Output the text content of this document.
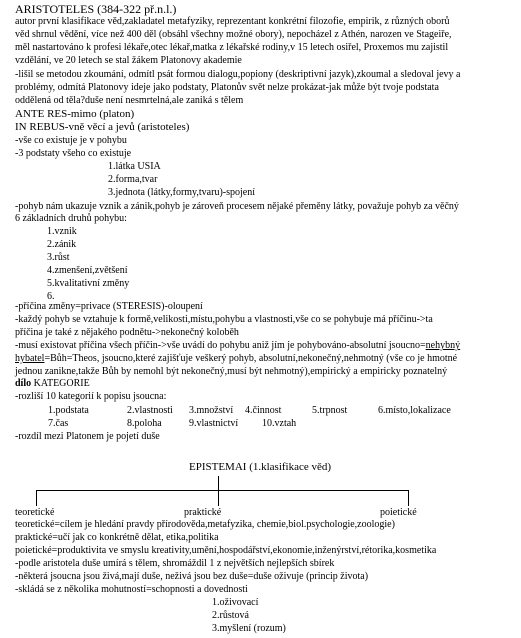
ARISTOTELES (384-322 př.n.l.)
autor první klasifikace věd,zakladatel metafyziky, reprezentant konkrétní filozofie, empirik, z různých oborů
věd shrnul vědění, více než 400 děl (obsáhl všechny možné obory), nepocházel z Athén, narozen ve Stageiře,
měl nastartováno k profesi lékaře,otec lékař,matka z lékařské rodiny,v 15 letech osiřel, Proxemos mu zajistil
vzdělání, ve 20 letech se stal žákem Platonovy akademie
-lišil se metodou zkoumání, odmítl psát formou dialogu,popiony (deskriptivní jazyk),zkoumal a sledoval jevy a
problémy, odmítá Platonovy ideje jako podstaty, Platonův svět nelze prokázat-jak může být tvoje podstata
oddělená od těla?duše není nesmrtelná,ale zaniká s tělem
ANTE RES-mimo (platon)
IN REBUS-vně věcí a jevů (aristoteles)
-vše co existuje je v pohybu
-3 podstaty všeho co existuje
1.látka USIA
2.forma,tvar
3.jednota (látky,formy,tvaru)-spojení
-pohyb nám ukazuje vznik a zánik,pohyb je zároveň procesem nějaké přeměny látky, považuje pohyb za věčný
6 základních druhů pohybu:
1.vznik
2.zánik
3.růst
4.zmenšení,zvětšení
5.kvalitativní změny
6.
-příčina změny=privace (STERESIS)-oloupení
-každý pohyb se vztahuje k formě,velikosti,místu,pohybu a vlastnosti,vše co se pohybuje má příčinu->ta
příčina je také z nějakého podnětu->nekonečný koloběh
-musí existovat příčina všech příčin->vše uvádí do pohybu aniž jím je pohybováno-absolutní jsoucno=nehybný
hybatel=Bůh=Theos, jsoucno,které zajišťuje veškerý pohyb, absolutní,nekonečný,nehmotný (vše co je hmotné
jednou zanikne,takže Bůh by nemohl být nekonečný,musí být nehmotný),empirický a empiricky poznatelný
dílo KATEGORIE
-rozliší 10 kategorií k popisu jsoucna:
1.podstata	2.vlastnosti 3.množství 4.činnost	5.trpnost	6.místo,lokalizace
7.čas	8.poloha	9.vlastnictví 10.vztah
-rozdíl mezi Platonem je pojetí duše
EPISTEMAI (1.klasifikace věd)
teoretické	praktické	poietické
teoretické=cílem je hledání pravdy přírodověda,metafyzika, chemie,biol.psychologie,zoologie)
praktické=učí jak co konkrétně dělat, etika,politika
poietické=produktivita ve smyslu kreativity,umění,hospodářství,ekonomie,inženýrství,rétorika,kosmetika
-podle aristotela duše umírá s tělem, shromáždil 1 z největších nejlepších sbírek
-některá jsoucna jsou živá,mají duše, neživá jsou bez duše=duše oživuje (princip života)
-skládá se z několika mohutností=schopnosti a dovednosti
1.oživovací
2.růstová
3.myšlení (rozum)
